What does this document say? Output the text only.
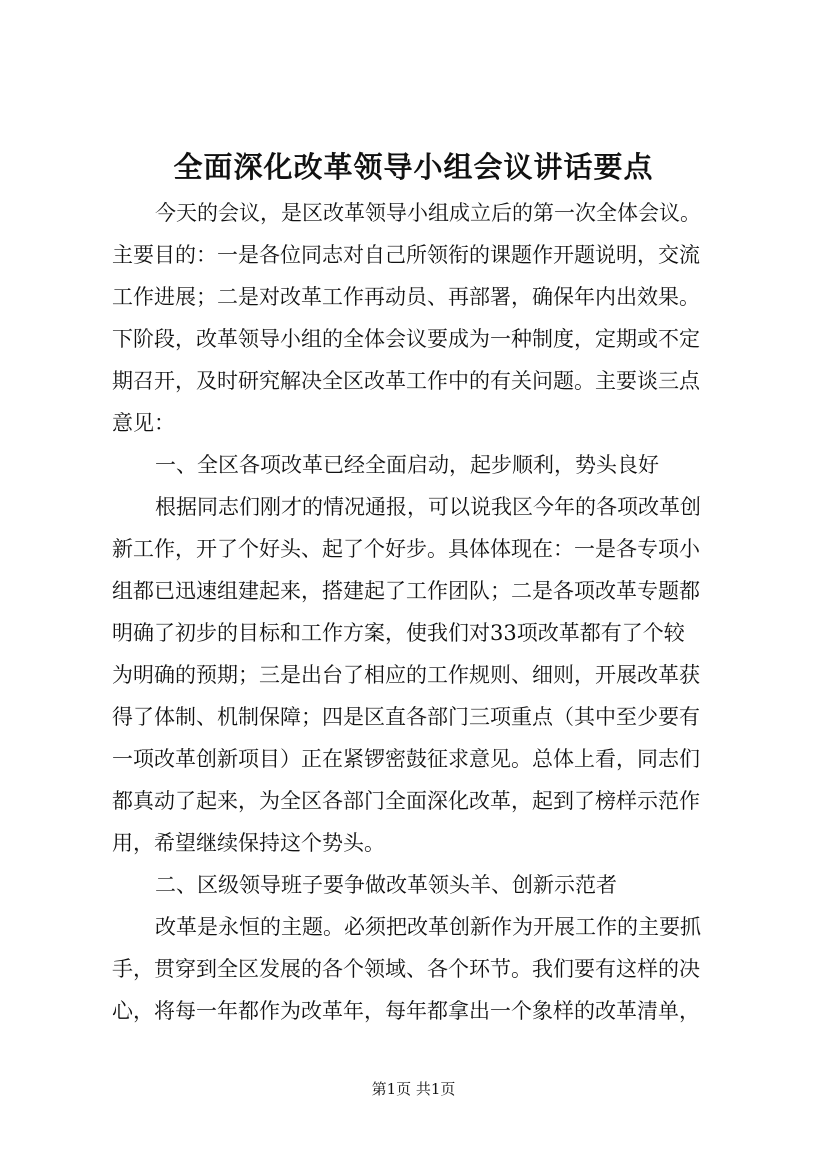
全面深化改革领导小组会议讲话要点
今天的会议，是区改革领导小组成立后的第一次全体会议。
主要目的：一是各位同志对自己所领衔的课题作开题说明，交流
工作进展；二是对改革工作再动员、再部署，确保年内出效果。
下阶段，改革领导小组的全体会议要成为一种制度，定期或不定
期召开，及时研究解决全区改革工作中的有关问题。主要谈三点
意见：
一、全区各项改革已经全面启动，起步顺利，势头良好
根据同志们刚才的情况通报，可以说我区今年的各项改革创
新工作，开了个好头、起了个好步。具体体现在：一是各专项小
组都已迅速组建起来，搭建起了工作团队；二是各项改革专题都
明确了初步的目标和工作方案，使我们对33项改革都有了个较
为明确的预期；三是出台了相应的工作规则、细则，开展改革获
得了体制、机制保障；四是区直各部门三项重点（其中至少要有
一项改革创新项目）正在紧锣密鼓征求意见。总体上看，同志们
都真动了起来，为全区各部门全面深化改革，起到了榜样示范作
用，希望继续保持这个势头。
二、区级领导班子要争做改革领头羊、创新示范者
改革是永恒的主题。必须把改革创新作为开展工作的主要抓
手，贯穿到全区发展的各个领域、各个环节。我们要有这样的决
心，将每一年都作为改革年，每年都拿出一个象样的改革清单，
第1页 共1页
